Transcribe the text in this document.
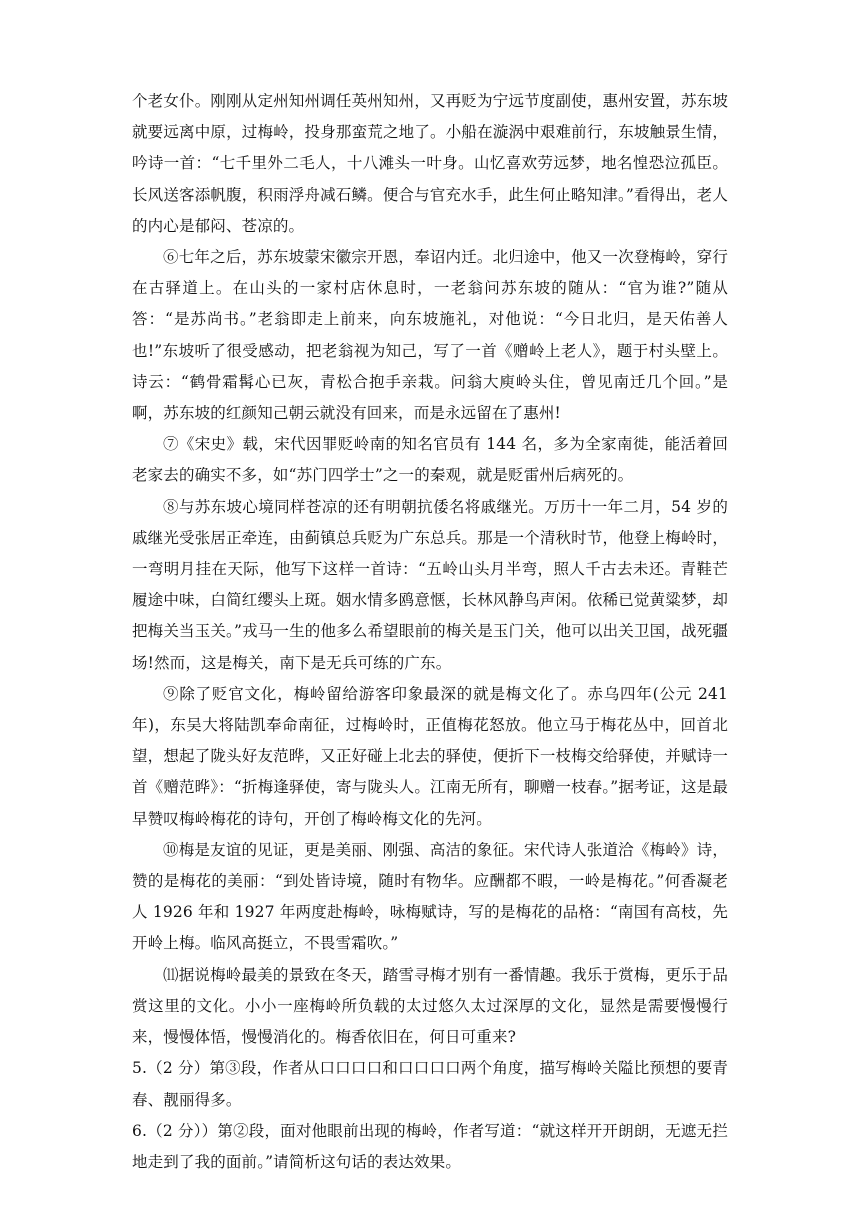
个老女仆。刚刚从定州知州调任英州知州，又再贬为宁远节度副使，惠州安置，苏东坡就要远离中原，过梅岭，投身那蛮荒之地了。小船在漩涡中艰难前行，东坡触景生情，吟诗一首：“七千里外二毛人，十八滩头一叶身。山忆喜欢劳远梦，地名惶恐泣孤臣。长风送客添帆腹，积雨浮舟减石鳞。便合与官充水手，此生何止略知津。”看得出，老人的内心是郁闷、苍凉的。

⑥七年之后，苏东坡蒙宋徽宗开恩，奉诏内迁。北归途中，他又一次登梅岭，穿行在古驿道上。在山头的一家村店休息时，一老翁问苏东坡的随从：“官为谁?”随从答：“是苏尚书。”老翁即走上前来，向东坡施礼，对他说：“今日北归，是天佑善人也!”东坡听了很受感动，把老翁视为知己，写了一首《赠岭上老人》，题于村头壁上。诗云：“鹤骨霜髯心已灰，青松合抱手亲栽。问翁大庾岭头住，曾见南迁几个回。”是啊，苏东坡的红颜知己朝云就没有回来，而是永远留在了惠州!

⑦《宋史》载，宋代因罪贬岭南的知名官员有 144 名，多为全家南徙，能活着回老家去的确实不多，如“苏门四学士”之一的秦观，就是贬雷州后病死的。

⑧与苏东坡心境同样苍凉的还有明朝抗倭名将戚继光。万历十一年二月，54 岁的戚继光受张居正牵连，由蓟镇总兵贬为广东总兵。那是一个清秋时节，他登上梅岭时，一弯明月挂在天际，他写下这样一首诗：“五岭山头月半弯，照人千古去未还。青鞋芒履途中味，白简红缨头上斑。姻水情多鸥意惬，长林风静鸟声闲。依稀已觉黄粱梦，却把梅关当玉关。”戎马一生的他多么希望眼前的梅关是玉门关，他可以出关卫国，战死疆场!然而，这是梅关，南下是无兵可练的广东。

⑨除了贬官文化，梅岭留给游客印象最深的就是梅文化了。赤乌四年(公元 241 年)，东吴大将陆凯奉命南征，过梅岭时，正值梅花怒放。他立马于梅花丛中，回首北望，想起了陇头好友范晔，又正好碰上北去的驿使，便折下一枝梅交给驿使，并赋诗一首《赠范晔》：“折梅逢驿使，寄与陇头人。江南无所有，聊赠一枝春。”据考证，这是最早赞叹梅岭梅花的诗句，开创了梅岭梅文化的先河。

⑩梅是友谊的见证，更是美丽、刚强、高洁的象征。宋代诗人张道洽《梅岭》诗，赞的是梅花的美丽：“到处皆诗境，随时有物华。应酬都不暇，一岭是梅花。”何香凝老人 1926 年和 1927 年两度赴梅岭，咏梅赋诗，写的是梅花的品格：“南国有高枝，先开岭上梅。临风高挺立，不畏雪霜吹。”

⑾据说梅岭最美的景致在冬天，踏雪寻梅才别有一番情趣。我乐于赏梅，更乐于品赏这里的文化。小小一座梅岭所负载的太过悠久太过深厚的文化，显然是需要慢慢行来，慢慢体悟，慢慢消化的。梅香依旧在，何日可重来?

5.（2 分）第③段，作者从口口口口和口口口口两个角度，描写梅岭关隘比预想的要青春、靓丽得多。

6.（2 分））第②段，面对他眼前出现的梅岭，作者写道：“就这样开开朗朗，无遮无拦地走到了我的面前。”请简析这句话的表达效果。
